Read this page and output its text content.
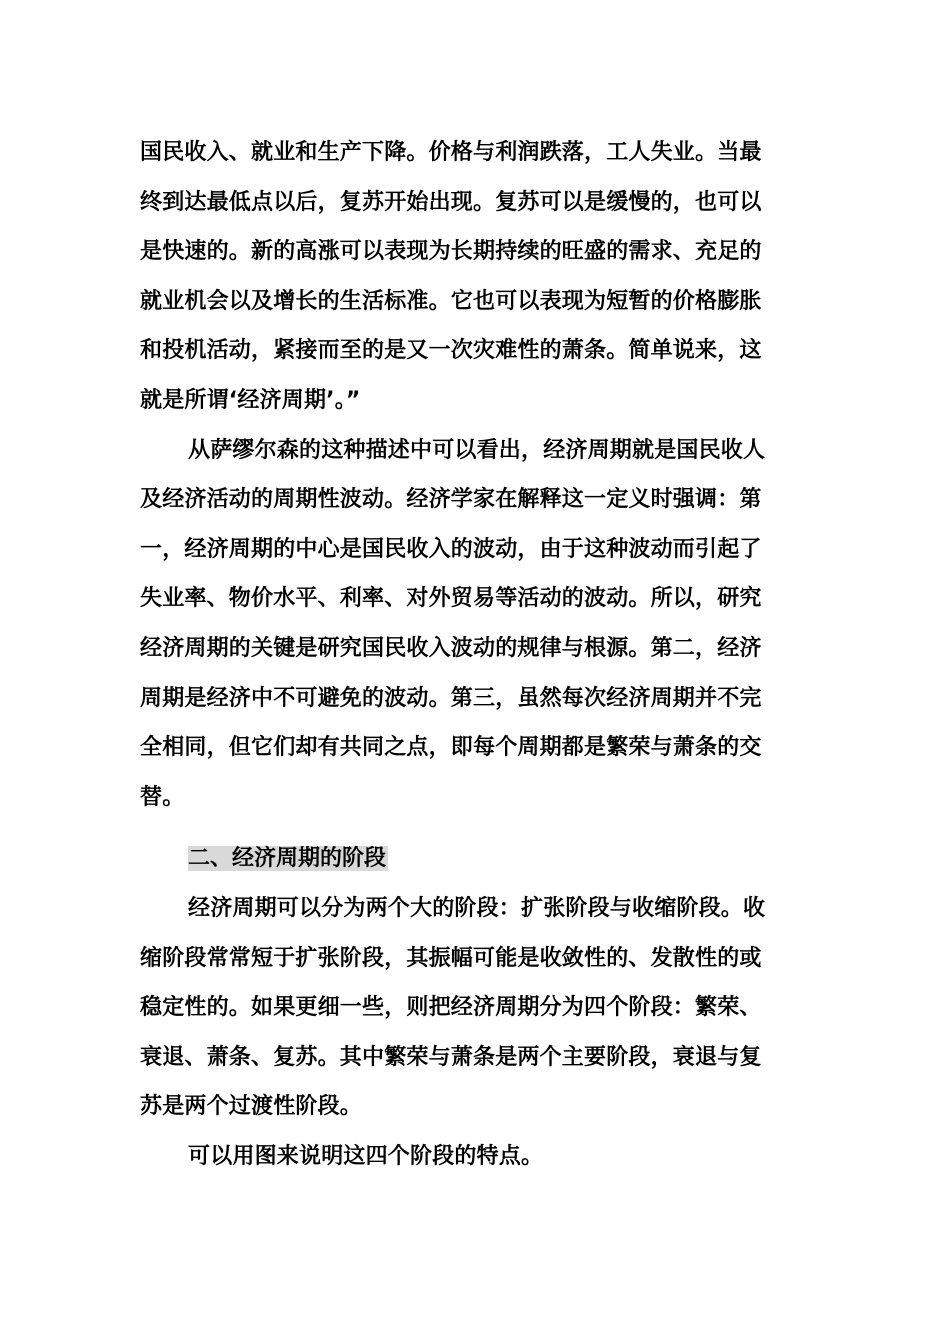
国民收入、就业和生产下降。价格与利润跌落，工人失业。当最
终到达最低点以后，复苏开始出现。复苏可以是缓慢的，也可以
是快速的。新的高涨可以表现为长期持续的旺盛的需求、充足的
就业机会以及增长的生活标准。它也可以表现为短暂的价格膨胀
和投机活动，紧接而至的是又一次灾难性的萧条。简单说来，这
就是所谓‘经济周期’。”
从萨缪尔森的这种描述中可以看出，经济周期就是国民收人
及经济活动的周期性波动。经济学家在解释这一定义时强调：第
一，经济周期的中心是国民收入的波动，由于这种波动而引起了
失业率、物价水平、利率、对外贸易等活动的波动。所以，研究
经济周期的关键是研究国民收入波动的规律与根源。第二，经济
周期是经济中不可避免的波动。第三，虽然每次经济周期并不完
全相同，但它们却有共同之点，即每个周期都是繁荣与萧条的交
替。
二、经济周期的阶段
经济周期可以分为两个大的阶段：扩张阶段与收缩阶段。收
缩阶段常常短于扩张阶段，其振幅可能是收敛性的、发散性的或
稳定性的。如果更细一些，则把经济周期分为四个阶段：繁荣、
衰退、萧条、复苏。其中繁荣与萧条是两个主要阶段，衰退与复
苏是两个过渡性阶段。
可以用图来说明这四个阶段的特点。
